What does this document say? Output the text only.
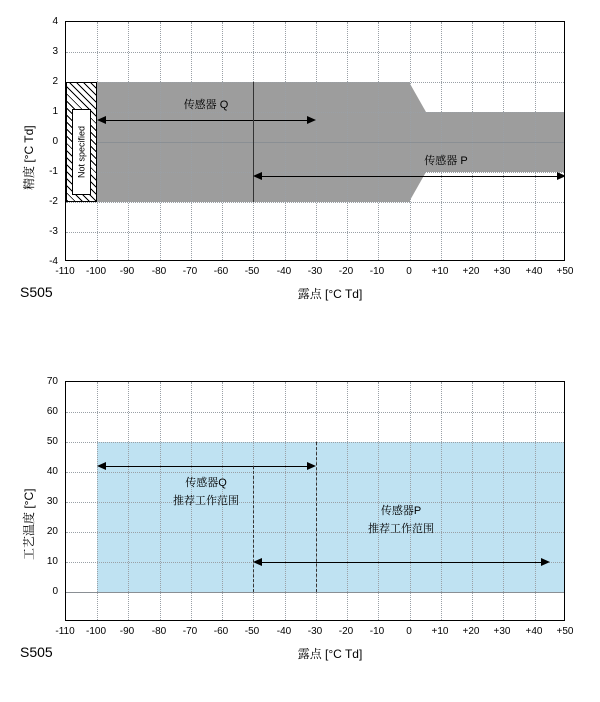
精度 [°C Td]
4
3
2
1
0
-1
-2
-3
-4
Not specified
传感器 Q
传感器 P
-110	-100	-90	-80	-70	-60	-50	-40	-30	-20	-10	0	+10	+20	+30	+40	+50
露点 [°C Td]
S505
工艺温度 [°C]
70
60
50
40
30
20
10
0
传感器Q
推荐工作范围
传感器P
推荐工作范围
-110	-100	-90	-80	-70	-60	-50	-40	-30	-20	-10	0	+10	+20	+30	+40	+50
露点 [°C Td]
S505
